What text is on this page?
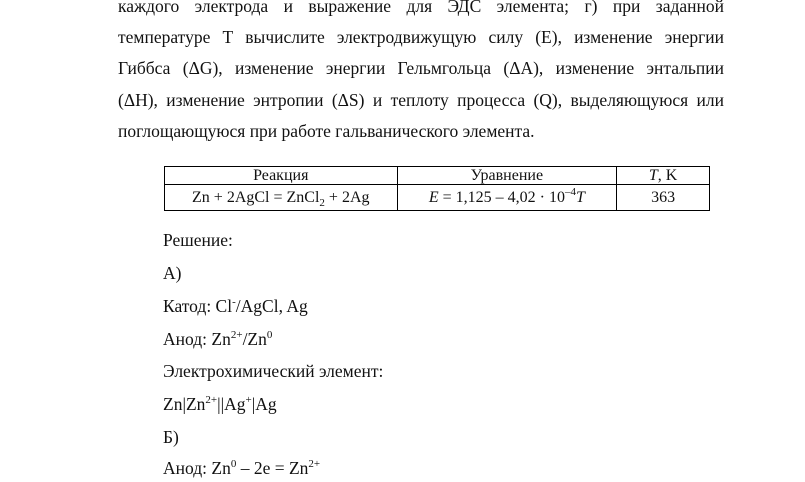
каждого электрода и выражение для ЭДС элемента; г) при заданной
температуре Т вычислите электродвижущую силу (Е), изменение энергии
Гиббса (ΔG), изменение энергии Гельмгольца (ΔA), изменение энтальпии
(ΔH), изменение энтропии (ΔS) и теплоту процесса (Q), выделяющуюся или
поглощающуюся при работе гальванического элемента.
Реакция	Уравнение	T, K
Zn + 2AgCl = ZnCl$_2$ + 2Ag	$E = 1,125 - 4,02 \cdot 10^{-4}T$	363
Решение:
А)
Катод: Cl-/AgCl, Ag
Анод: $Zn^{2+}/Zn^0$
Электрохимический элемент:
$Zn|Zn^{2+}||Ag^+|Ag$
Б)
Анод: $Zn^0 - 2e = Zn^{2+}$
